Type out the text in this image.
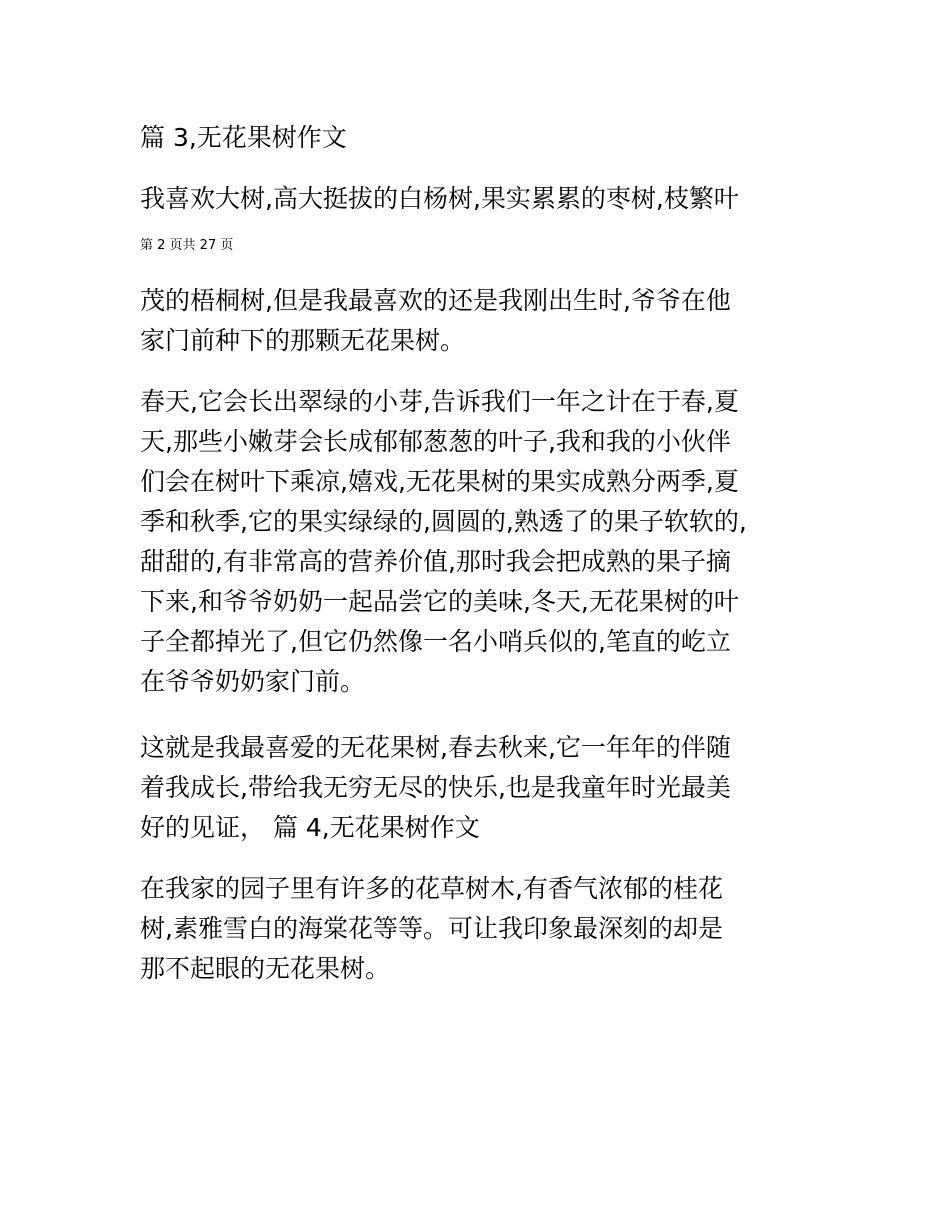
篇 3,无花果树作文
我喜欢大树,高大挺拔的白杨树,果实累累的枣树,枝繁叶
第 2 页共 27 页
茂的梧桐树,但是我最喜欢的还是我刚出生时,爷爷在他
家门前种下的那颗无花果树。
春天,它会长出翠绿的小芽,告诉我们一年之计在于春,夏
天,那些小嫩芽会长成郁郁葱葱的叶子,我和我的小伙伴
们会在树叶下乘凉,嬉戏,无花果树的果实成熟分两季,夏
季和秋季,它的果实绿绿的,圆圆的,熟透了的果子软软的,
甜甜的,有非常高的营养价值,那时我会把成熟的果子摘
下来,和爷爷奶奶一起品尝它的美味,冬天,无花果树的叶
子全都掉光了,但它仍然像一名小哨兵似的,笔直的屹立
在爷爷奶奶家门前。
这就是我最喜爱的无花果树,春去秋来,它一年年的伴随
着我成长,带给我无穷无尽的快乐,也是我童年时光最美
好的见证， 篇 4,无花果树作文
在我家的园子里有许多的花草树木,有香气浓郁的桂花
树,素雅雪白的海棠花等等。可让我印象最深刻的却是
那不起眼的无花果树。
